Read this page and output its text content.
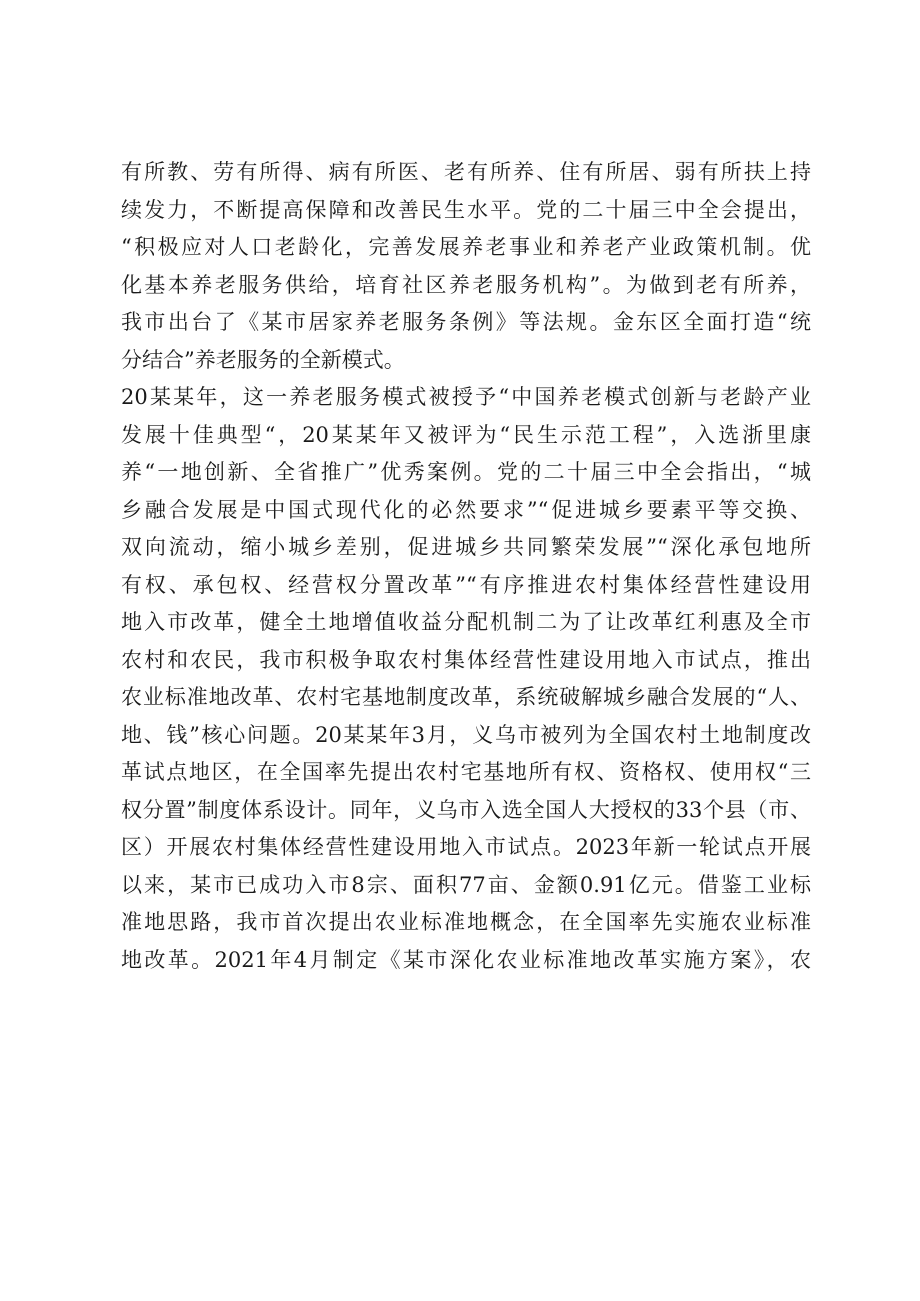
有所教、劳有所得、病有所医、老有所养、住有所居、弱有所扶上持
续发力，不断提高保障和改善民生水平。党的二十届三中全会提出，
“积极应对人口老龄化，完善发展养老事业和养老产业政策机制。优
化基本养老服务供给，培育社区养老服务机构”。为做到老有所养，
我市出台了《某市居家养老服务条例》等法规。金东区全面打造“统
分结合”养老服务的全新模式。
20某某年，这一养老服务模式被授予“中国养老模式创新与老龄产业
发展十佳典型“，20某某年又被评为“民生示范工程”，入选浙里康
养“一地创新、全省推广”优秀案例。党的二十届三中全会指出，“城
乡融合发展是中国式现代化的必然要求”“促进城乡要素平等交换、
双向流动，缩小城乡差别，促进城乡共同繁荣发展”“深化承包地所
有权、承包权、经营权分置改革”“有序推进农村集体经营性建设用
地入市改革，健全土地增值收益分配机制二为了让改革红利惠及全市
农村和农民，我市积极争取农村集体经营性建设用地入市试点，推出
农业标准地改革、农村宅基地制度改革，系统破解城乡融合发展的“人、
地、钱”核心问题。20某某年3月，义乌市被列为全国农村土地制度改
革试点地区，在全国率先提出农村宅基地所有权、资格权、使用权“三
权分置”制度体系设计。同年，义乌市入选全国人大授权的33个县（市、
区）开展农村集体经营性建设用地入市试点。2023年新一轮试点开展
以来，某市已成功入市8宗、面积77亩、金额0.91亿元。借鉴工业标
准地思路，我市首次提出农业标准地概念，在全国率先实施农业标准
地改革。2021年4月制定《某市深化农业标准地改革实施方案》，农
